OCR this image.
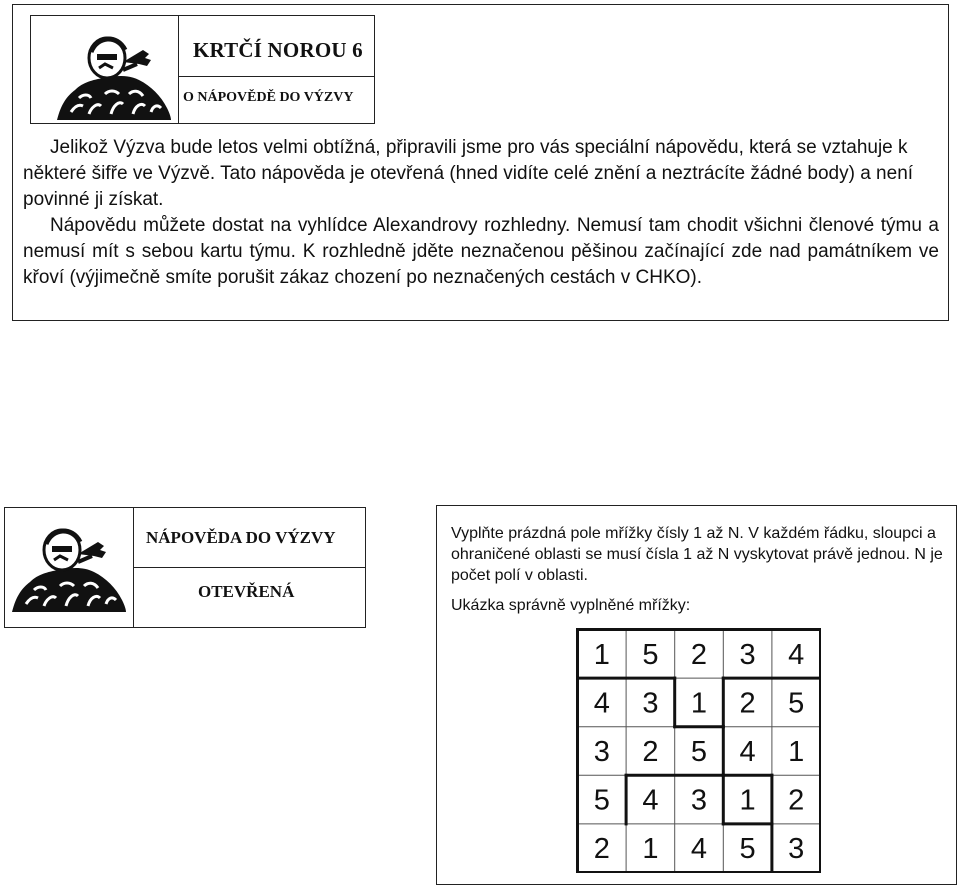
KRTČÍ NOROU 6
O NÁPOVĚDĚ DO VÝZVY

Jelikož Výzva bude letos velmi obtížná, připravili jsme pro vás speciální nápovědu, která se vztahuje k některé šifře ve Výzvě. Tato nápověda je otevřená (hned vidíte celé znění a neztrácíte žádné body) a není povinné ji získat.

Nápovědu můžete dostat na vyhlídce Alexandrovy rozhledny. Nemusí tam chodit všichni členové týmu a nemusí mít s sebou kartu týmu. K rozhledně jděte neznačenou pěšinou začínající zde nad památníkem ve křoví (výjimečně smíte porušit zákaz chození po neznačených cestách v CHKO).

NÁPOVĚDA DO VÝZVY
OTEVŘENÁ

Vyplňte prázdná pole mřížky čísly 1 až N. V každém řádku, sloupci a ohraničené oblasti se musí čísla 1 až N vyskytovat právě jednou. N je počet polí v oblasti.

Ukázka správně vyplněné mřížky:

1 5 2 3 4
4 3 1 2 5
3 2 5 4 1
5 4 3 1 2
2 1 4 5 3
